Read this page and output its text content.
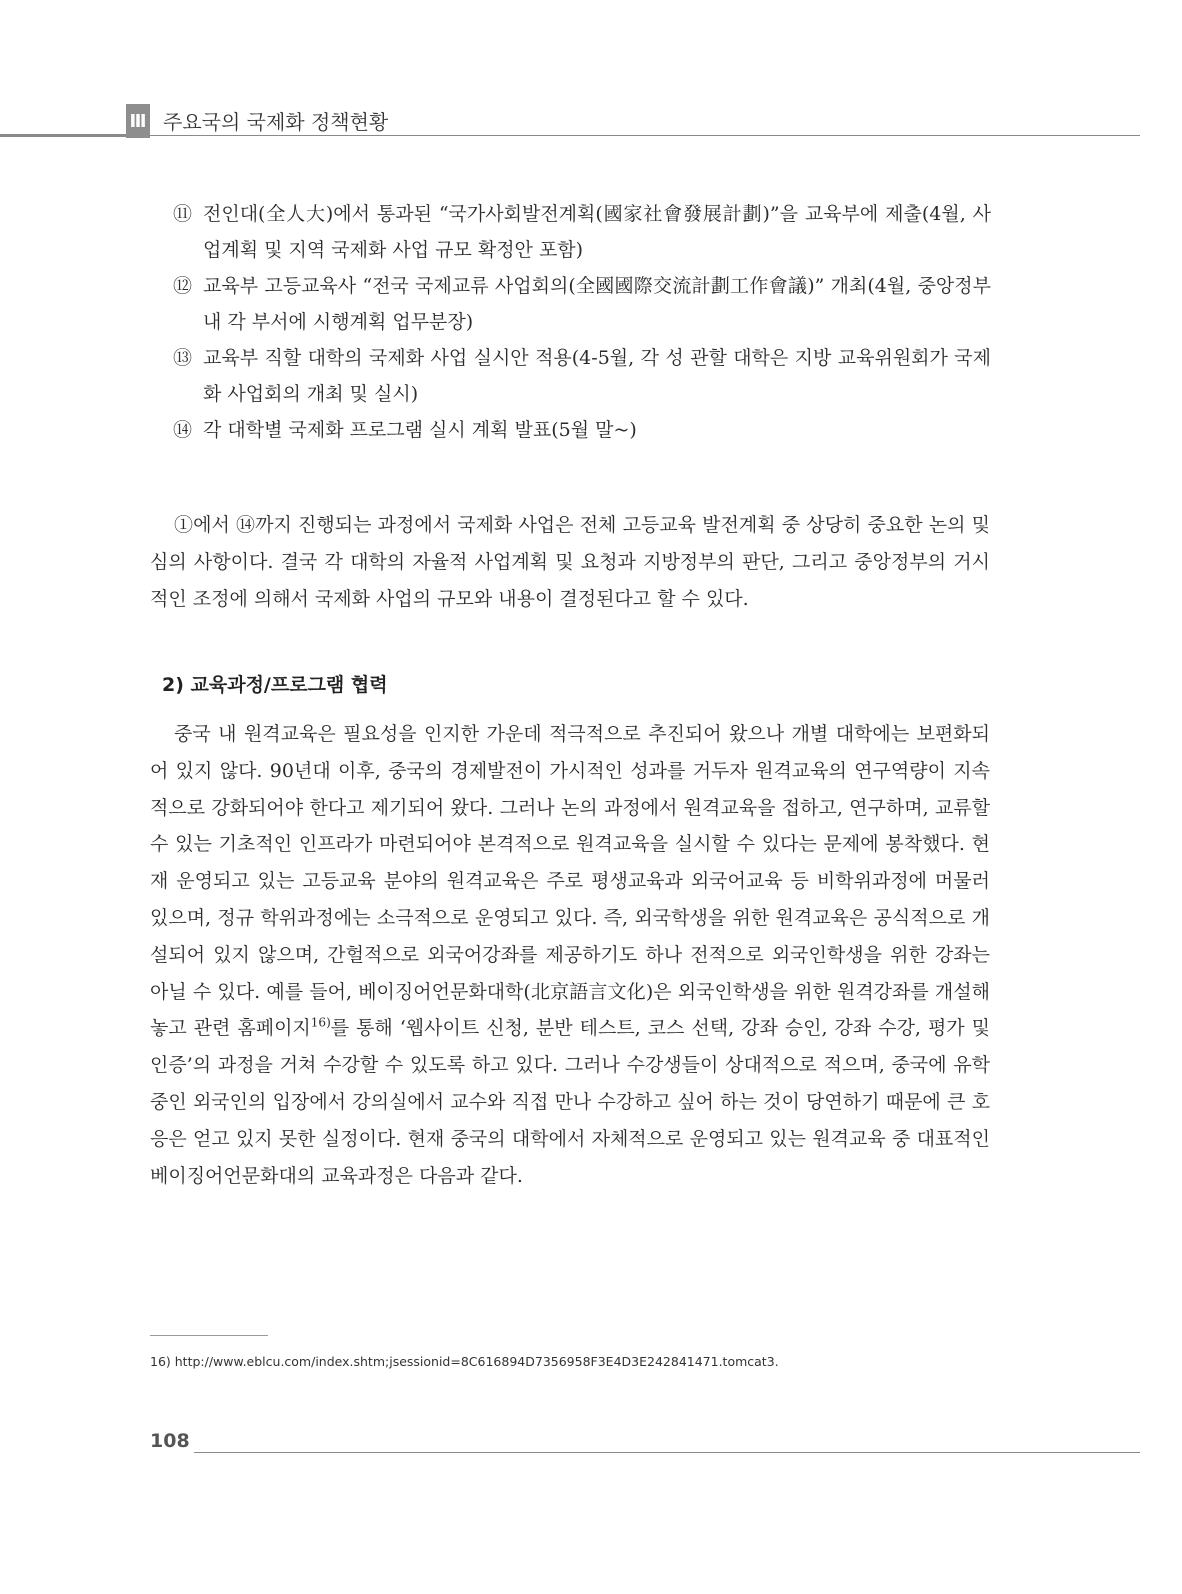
Ⅲ 주요국의 국제화 정책현황
⑪ 전인대(全人大)에서 통과된 “국가사회발전계획(國家社會發展計劃)”을 교육부에 제출(4월, 사업계획 및 지역 국제화 사업 규모 확정안 포함)
⑫ 교육부 고등교육사 “전국 국제교류 사업회의(全國國際交流計劃工作會議)” 개최(4월, 중앙정부 내 각 부서에 시행계획 업무분장)
⑬ 교육부 직할 대학의 국제화 사업 실시안 적용(4-5월, 각 성 관할 대학은 지방 교육위원회가 국제화 사업회의 개최 및 실시)
⑭ 각 대학별 국제화 프로그램 실시 계획 발표(5월 말~)
①에서 ⑭까지 진행되는 과정에서 국제화 사업은 전체 고등교육 발전계획 중 상당히 중요한 논의 및 심의 사항이다. 결국 각 대학의 자율적 사업계획 및 요청과 지방정부의 판단, 그리고 중앙정부의 거시적인 조정에 의해서 국제화 사업의 규모와 내용이 결정된다고 할 수 있다.
2) 교육과정/프로그램 협력
중국 내 원격교육은 필요성을 인지한 가운데 적극적으로 추진되어 왔으나 개별 대학에는 보편화되어 있지 않다. 90년대 이후, 중국의 경제발전이 가시적인 성과를 거두자 원격교육의 연구역량이 지속적으로 강화되어야 한다고 제기되어 왔다. 그러나 논의 과정에서 원격교육을 접하고, 연구하며, 교류할 수 있는 기초적인 인프라가 마련되어야 본격적으로 원격교육을 실시할 수 있다는 문제에 봉착했다. 현재 운영되고 있는 고등교육 분야의 원격교육은 주로 평생교육과 외국어교육 등 비학위과정에 머물러 있으며, 정규 학위과정에는 소극적으로 운영되고 있다. 즉, 외국학생을 위한 원격교육은 공식적으로 개설되어 있지 않으며, 간헐적으로 외국어강좌를 제공하기도 하나 전적으로 외국인학생을 위한 강좌는 아닐 수 있다. 예를 들어, 베이징어언문화대학(北京語言文化)은 외국인학생을 위한 원격강좌를 개설해 놓고 관련 홈페이지$^{16)}$를 통해 ‘웹사이트 신청, 분반 테스트, 코스 선택, 강좌 승인, 강좌 수강, 평가 및 인증’의 과정을 거쳐 수강할 수 있도록 하고 있다. 그러나 수강생들이 상대적으로 적으며, 중국에 유학 중인 외국인의 입장에서 강의실에서 교수와 직접 만나 수강하고 싶어 하는 것이 당연하기 때문에 큰 호응은 얻고 있지 못한 실정이다. 현재 중국의 대학에서 자체적으로 운영되고 있는 원격교육 중 대표적인 베이징어언문화대의 교육과정은 다음과 같다.
16) http://www.eblcu.com/index.shtm;jsessionid=8C616894D7356958F3E4D3E242841471.tomcat3.
108
